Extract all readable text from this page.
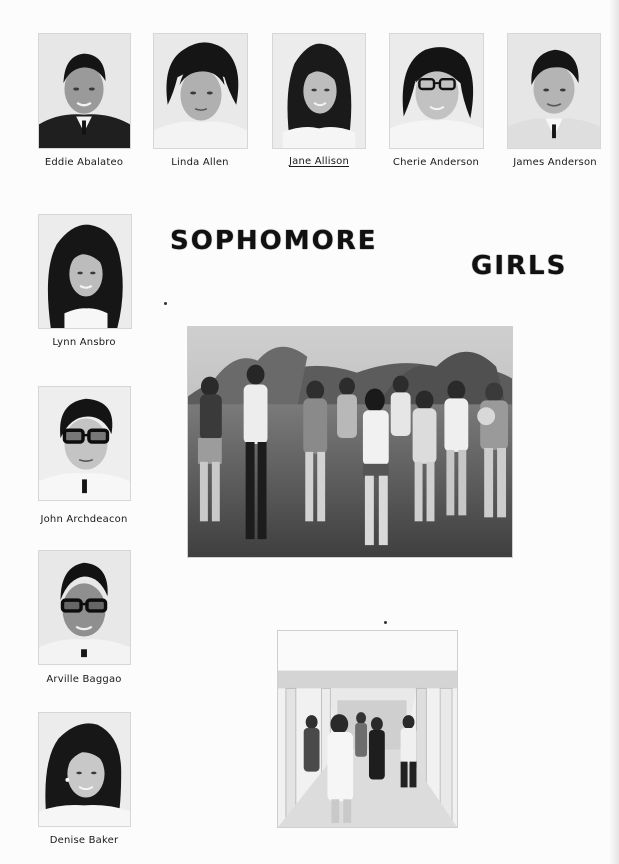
Eddie Abalateo	Linda Allen	Jane Allison	Cherie Anderson	James Anderson
Lynn Ansbro
John Archdeacon
Arville Baggao
Denise Baker
SOPHOMORE
GIRLS
